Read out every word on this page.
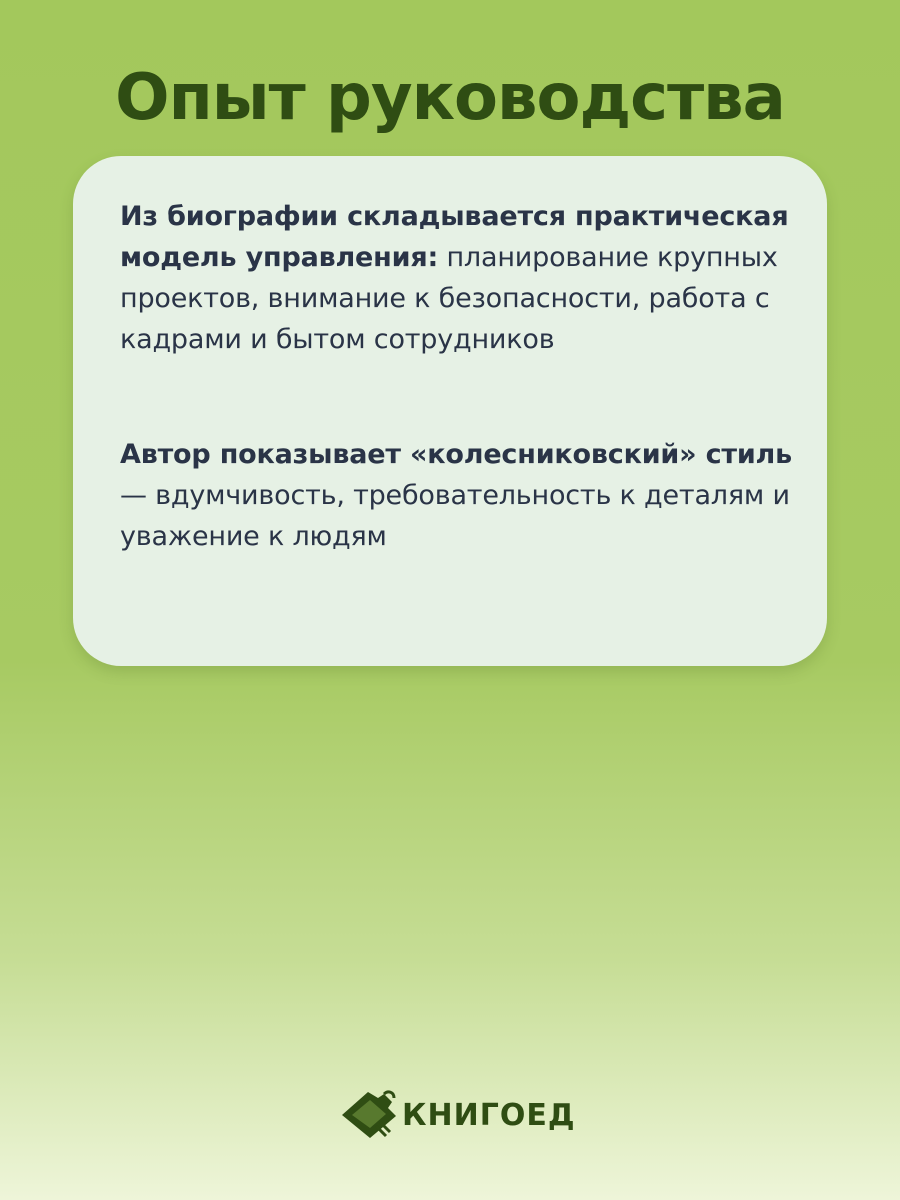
Опыт руководства

Из биографии складывается практическая модель управления: планирование крупных проектов, внимание к безопасности, работа с кадрами и бытом сотрудников

Автор показывает «колесниковский» стиль — вдумчивость, требовательность к деталям и уважение к людям

КНИГОЕД
